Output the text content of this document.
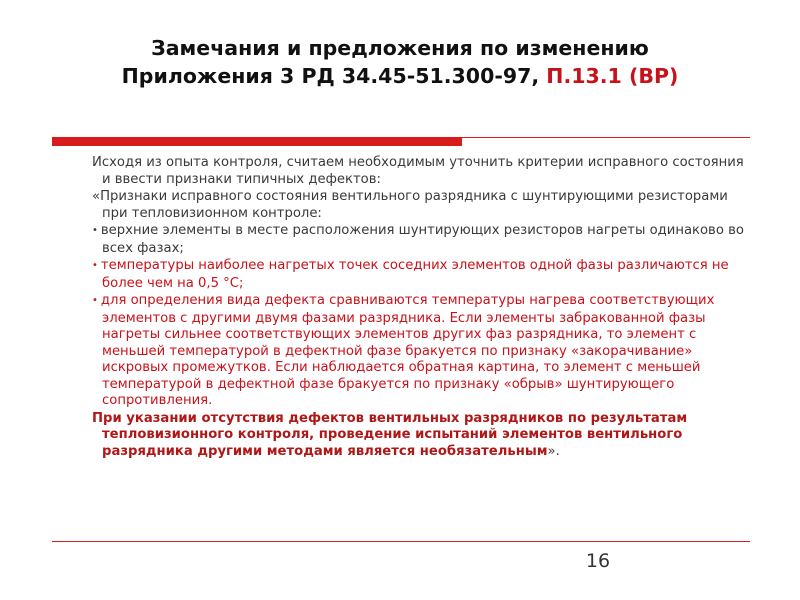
Замечания и предложения по изменению
Приложения 3 РД 34.45-51.300-97, П.13.1 (ВР)

Исходя из опыта контроля, считаем необходимым уточнить критерии исправного состояния и ввести признаки типичных дефектов:

«Признаки исправного состояния вентильного разрядника с шунтирующими резисторами при тепловизионном контроле:

• верхние элементы в месте расположения шунтирующих резисторов нагреты одинаково во всех фазах;

• температуры наиболее нагретых точек соседних элементов одной фазы различаются не более чем на 0,5 °С;

• для определения вида дефекта сравниваются температуры нагрева соответствующих элементов с другими двумя фазами разрядника. Если элементы забракованной фазы нагреты сильнее соответствующих элементов других фаз разрядника, то элемент с меньшей температурой в дефектной фазе бракуется по признаку «закорачивание» искровых промежутков. Если наблюдается обратная картина, то элемент с меньшей температурой в дефектной фазе бракуется по признаку «обрыв» шунтирующего сопротивления.

При указании отсутствия дефектов вентильных разрядников по результатам тепловизионного контроля, проведение испытаний элементов вентильного разрядника другими методами является необязательным».

16
